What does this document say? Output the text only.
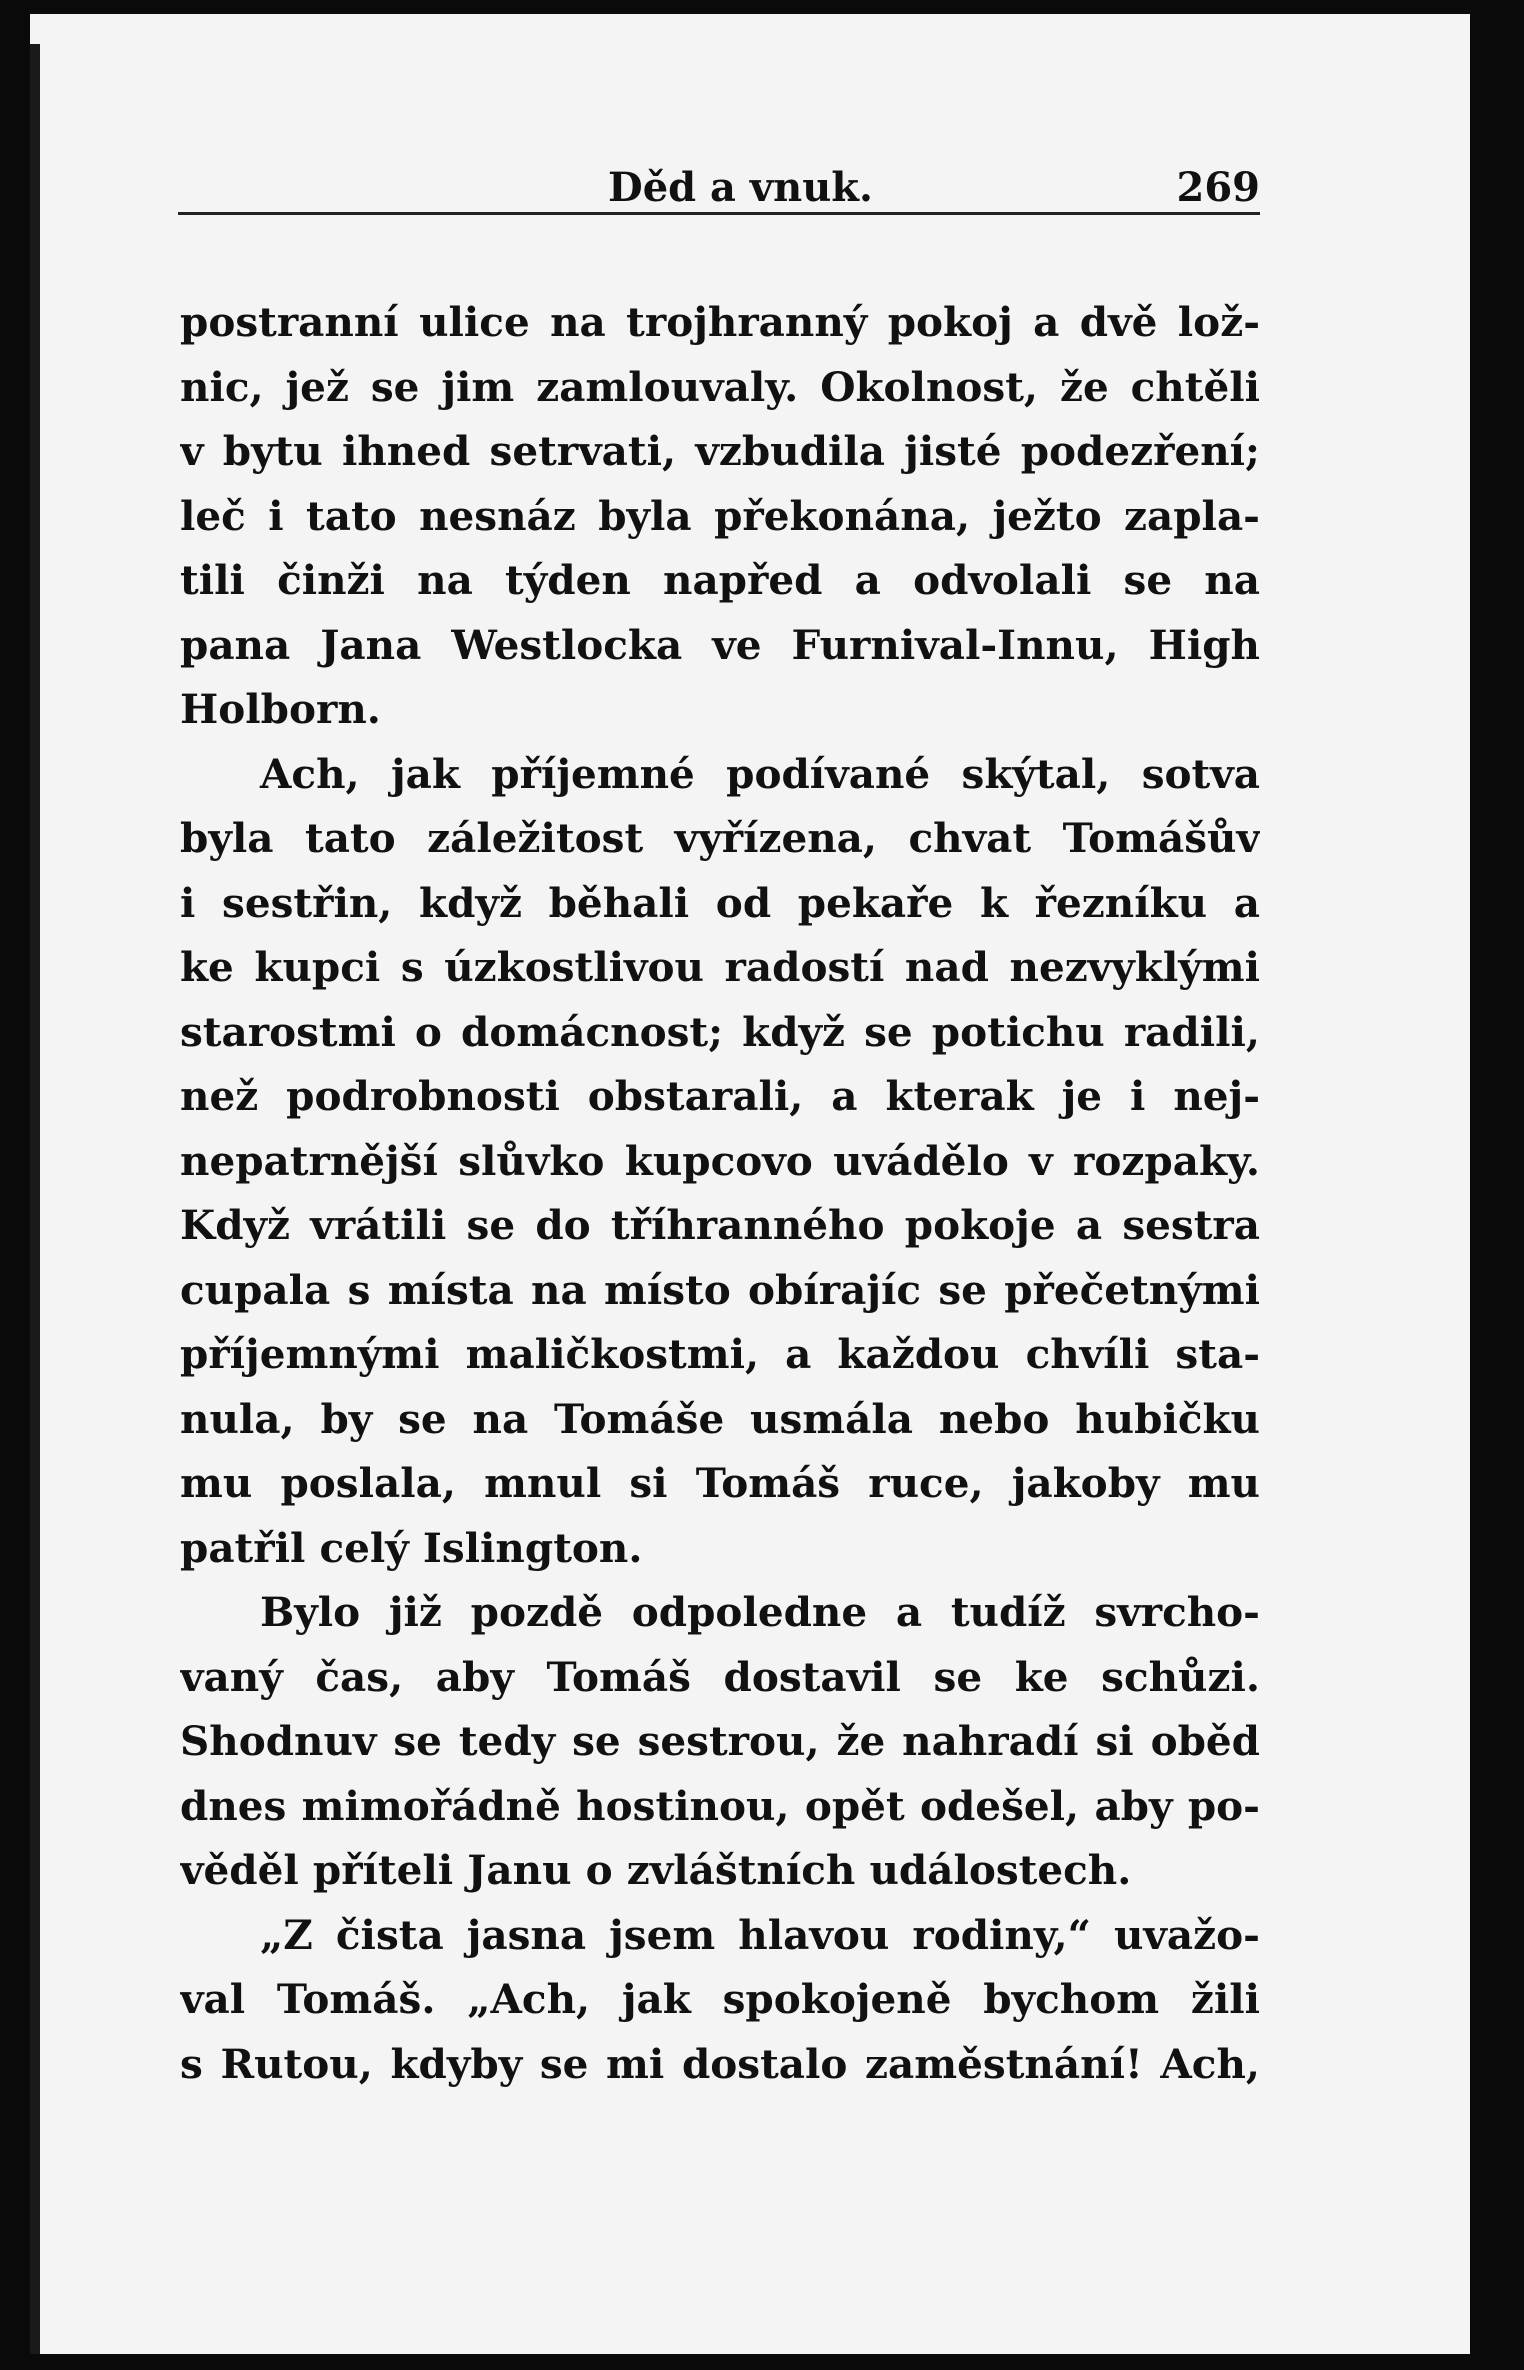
Děd a vnuk.	269
postranní ulice na trojhranný pokoj a dvě lož-
nic, jež se jim zamlouvaly. Okolnost, že chtěli
v bytu ihned setrvati, vzbudila jisté podezření;
leč i tato nesnáz byla překonána, ježto zapla-
tili činži na týden napřed a odvolali se na
pana Jana Westlocka ve Furnival-Innu, High
Holborn.
Ach, jak příjemné podívané skýtal, sotva
byla tato záležitost vyřízena, chvat Tomášův
i sestřin, když běhali od pekaře k řezníku a
ke kupci s úzkostlivou radostí nad nezvyklými
starostmi o domácnost; když se potichu radili,
než podrobnosti obstarali, a kterak je i nej-
nepatrnější slůvko kupcovo uvádělo v rozpaky.
Když vrátili se do tříhranného pokoje a sestra
cupala s místa na místo obírajíc se přečetnými
příjemnými maličkostmi, a každou chvíli sta-
nula, by se na Tomáše usmála nebo hubičku
mu poslala, mnul si Tomáš ruce, jakoby mu
patřil celý Islington.
Bylo již pozdě odpoledne a tudíž svrcho-
vaný čas, aby Tomáš dostavil se ke schůzi.
Shodnuv se tedy se sestrou, že nahradí si oběd
dnes mimořádně hostinou, opět odešel, aby po-
věděl příteli Janu o zvláštních událostech.
„Z čista jasna jsem hlavou rodiny,“ uvažo-
val Tomáš. „Ach, jak spokojeně bychom žili
s Rutou, kdyby se mi dostalo zaměstnání! Ach,
